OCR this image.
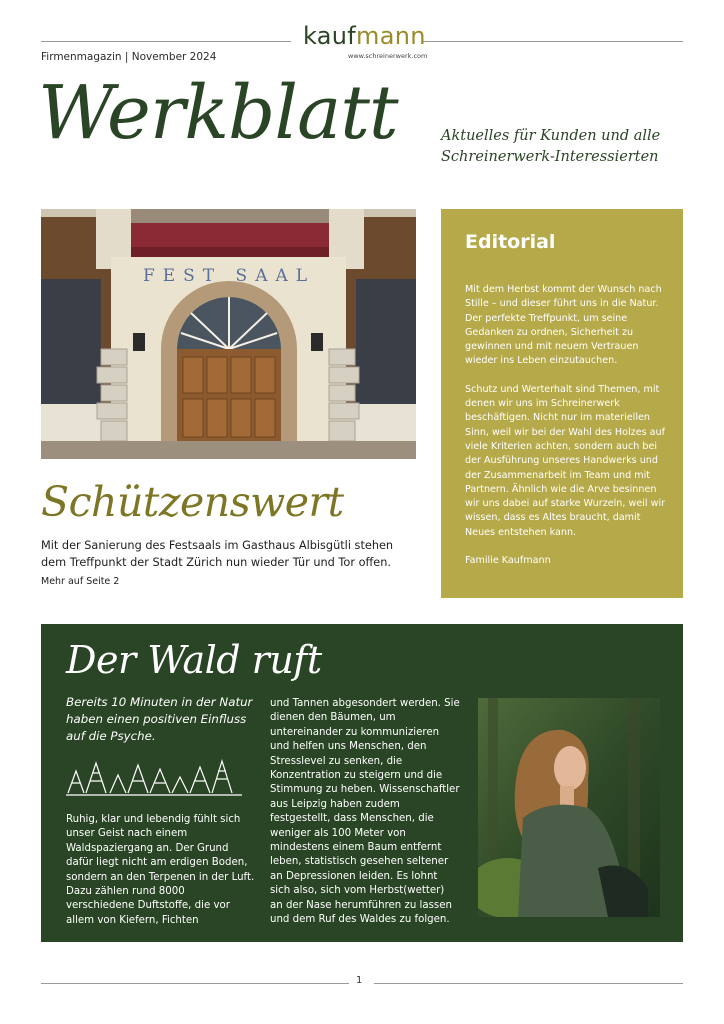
kaufmann
www.schreinerwerk.com
Firmenmagazin | November 2024
Werkblatt	Aktuelles für Kunden und alle
Schreinerwerk-Interessierten
FEST SAAL
Editorial

Mit dem Herbst kommt der Wunsch nach Stille – und dieser führt uns in die Natur. Der perfekte Treffpunkt, um seine Gedanken zu ordnen, Sicherheit zu gewinnen und mit neuem Vertrauen wieder ins Leben einzutauchen.

Schutz und Werterhalt sind Themen, mit denen wir uns im Schreinerwerk beschäftigen. Nicht nur im materiellen Sinn, weil wir bei der Wahl des Holzes auf viele Kriterien achten, sondern auch bei der Ausführung unseres Handwerks und der Zusammenarbeit im Team und mit Partnern. Ähnlich wie die Arve besinnen wir uns dabei auf starke Wurzeln, weil wir wissen, dass es Altes braucht, damit Neues entstehen kann.

Familie Kaufmann

Schützenswert
Mit der Sanierung des Festsaals im Gasthaus Albisgütli stehen dem Treffpunkt der Stadt Zürich nun wieder Tür und Tor offen.
Mehr auf Seite 2
Der Wald ruft
Bereits 10 Minuten in der Natur haben einen positiven Einfluss auf die Psyche.
Ruhig, klar und lebendig fühlt sich unser Geist nach einem Waldspaziergang an. Der Grund dafür liegt nicht am erdigen Boden, sondern an den Terpenen in der Luft. Dazu zählen rund 8000 verschiedene Duftstoffe, die vor allem von Kiefern, Fichten
und Tannen abgesondert werden. Sie dienen den Bäumen, um untereinander zu kommunizieren und helfen uns Menschen, den Stresslevel zu senken, die Konzentration zu steigern und die Stimmung zu heben. Wissenschaftler aus Leipzig haben zudem festgestellt, dass Menschen, die weniger als 100 Meter von mindestens einem Baum entfernt leben, statistisch gesehen seltener an Depressionen leiden. Es lohnt sich also, sich vom Herbst(wetter) an der Nase herumführen zu lassen und dem Ruf des Waldes zu folgen.
1
